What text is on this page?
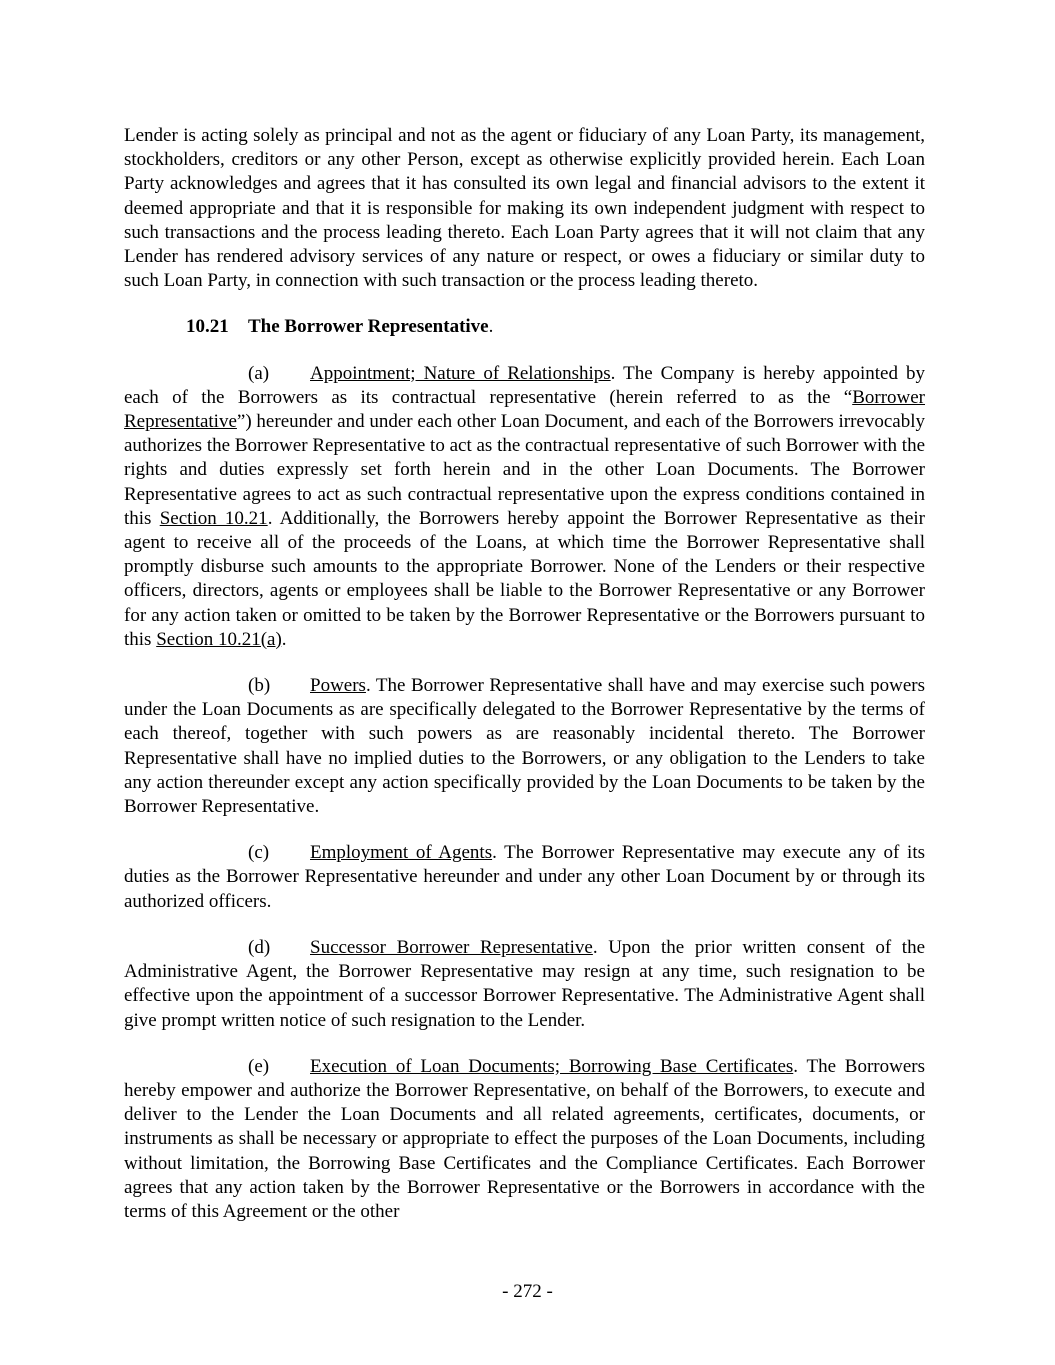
Lender is acting solely as principal and not as the agent or fiduciary of any Loan Party, its management, stockholders, creditors or any other Person, except as otherwise explicitly provided herein. Each Loan Party acknowledges and agrees that it has consulted its own legal and financial advisors to the extent it deemed appropriate and that it is responsible for making its own independent judgment with respect to such transactions and the process leading thereto. Each Loan Party agrees that it will not claim that any Lender has rendered advisory services of any nature or respect, or owes a fiduciary or similar duty to such Loan Party, in connection with such transaction or the process leading thereto.

10.21 The Borrower Representative.

(a) Appointment; Nature of Relationships. The Company is hereby appointed by each of the Borrowers as its contractual representative (herein referred to as the “Borrower Representative”) hereunder and under each other Loan Document, and each of the Borrowers irrevocably authorizes the Borrower Representative to act as the contractual representative of such Borrower with the rights and duties expressly set forth herein and in the other Loan Documents. The Borrower Representative agrees to act as such contractual representative upon the express conditions contained in this Section 10.21. Additionally, the Borrowers hereby appoint the Borrower Representative as their agent to receive all of the proceeds of the Loans, at which time the Borrower Representative shall promptly disburse such amounts to the appropriate Borrower. None of the Lenders or their respective officers, directors, agents or employees shall be liable to the Borrower Representative or any Borrower for any action taken or omitted to be taken by the Borrower Representative or the Borrowers pursuant to this Section 10.21(a).

(b) Powers. The Borrower Representative shall have and may exercise such powers under the Loan Documents as are specifically delegated to the Borrower Representative by the terms of each thereof, together with such powers as are reasonably incidental thereto. The Borrower Representative shall have no implied duties to the Borrowers, or any obligation to the Lenders to take any action thereunder except any action specifically provided by the Loan Documents to be taken by the Borrower Representative.

(c) Employment of Agents. The Borrower Representative may execute any of its duties as the Borrower Representative hereunder and under any other Loan Document by or through its authorized officers.

(d) Successor Borrower Representative. Upon the prior written consent of the Administrative Agent, the Borrower Representative may resign at any time, such resignation to be effective upon the appointment of a successor Borrower Representative. The Administrative Agent shall give prompt written notice of such resignation to the Lender.

(e) Execution of Loan Documents; Borrowing Base Certificates. The Borrowers hereby empower and authorize the Borrower Representative, on behalf of the Borrowers, to execute and deliver to the Lender the Loan Documents and all related agreements, certificates, documents, or instruments as shall be necessary or appropriate to effect the purposes of the Loan Documents, including without limitation, the Borrowing Base Certificates and the Compliance Certificates. Each Borrower agrees that any action taken by the Borrower Representative or the Borrowers in accordance with the terms of this Agreement or the other

- 272 -
